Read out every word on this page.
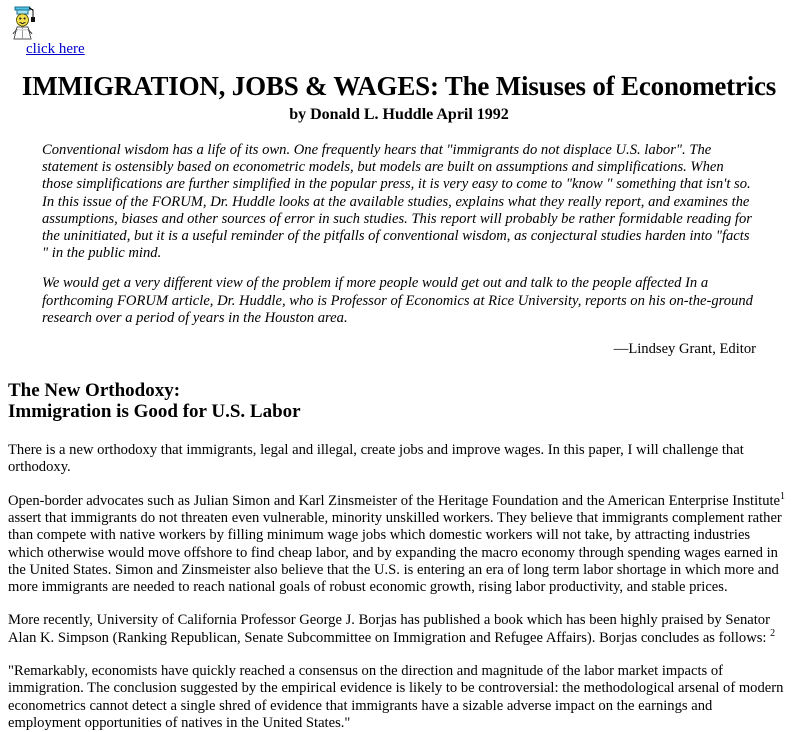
click here
IMMIGRATION, JOBS & WAGES: The Misuses of Econometrics
by Donald L. Huddle April 1992

Conventional wisdom has a life of its own. One frequently hears that "immigrants do not displace U.S. labor". The statement is ostensibly based on econometric models, but models are built on assumptions and simplifications. When those simplifications are further simplified in the popular press, it is very easy to come to "know " something that isn't so. In this issue of the FORUM, Dr. Huddle looks at the available studies, explains what they really report, and examines the assumptions, biases and other sources of error in such studies. This report will probably be rather formidable reading for the uninitiated, but it is a useful reminder of the pitfalls of conventional wisdom, as conjectural studies harden into "facts " in the public mind.

We would get a very different view of the problem if more people would get out and talk to the people affected In a forthcoming FORUM article, Dr. Huddle, who is Professor of Economics at Rice University, reports on his on-the-ground research over a period of years in the Houston area.

—Lindsey Grant, Editor
The New Orthodoxy:
Immigration is Good for U.S. Labor

There is a new orthodoxy that immigrants, legal and illegal, create jobs and improve wages. In this paper, I will challenge that orthodoxy.

Open-border advocates such as Julian Simon and Karl Zinsmeister of the Heritage Foundation and the American Enterprise Institute$^1$ assert that immigrants do not threaten even vulnerable, minority unskilled workers. They believe that immigrants complement rather than compete with native workers by filling minimum wage jobs which domestic workers will not take, by attracting industries which otherwise would move offshore to find cheap labor, and by expanding the macro economy through spending wages earned in the United States. Simon and Zinsmeister also believe that the U.S. is entering an era of long term labor shortage in which more and more immigrants are needed to reach national goals of robust economic growth, rising labor productivity, and stable prices.

More recently, University of California Professor George J. Borjas has published a book which has been highly praised by Senator Alan K. Simpson (Ranking Republican, Senate Subcommittee on Immigration and Refugee Affairs). Borjas concludes as follows: $^2$

"Remarkably, economists have quickly reached a consensus on the direction and magnitude of the labor market impacts of immigration. The conclusion suggested by the empirical evidence is likely to be controversial: the methodological arsenal of modern econometrics cannot detect a single shred of evidence that immigrants have a sizable adverse impact on the earnings and employment opportunities of natives in the United States."
